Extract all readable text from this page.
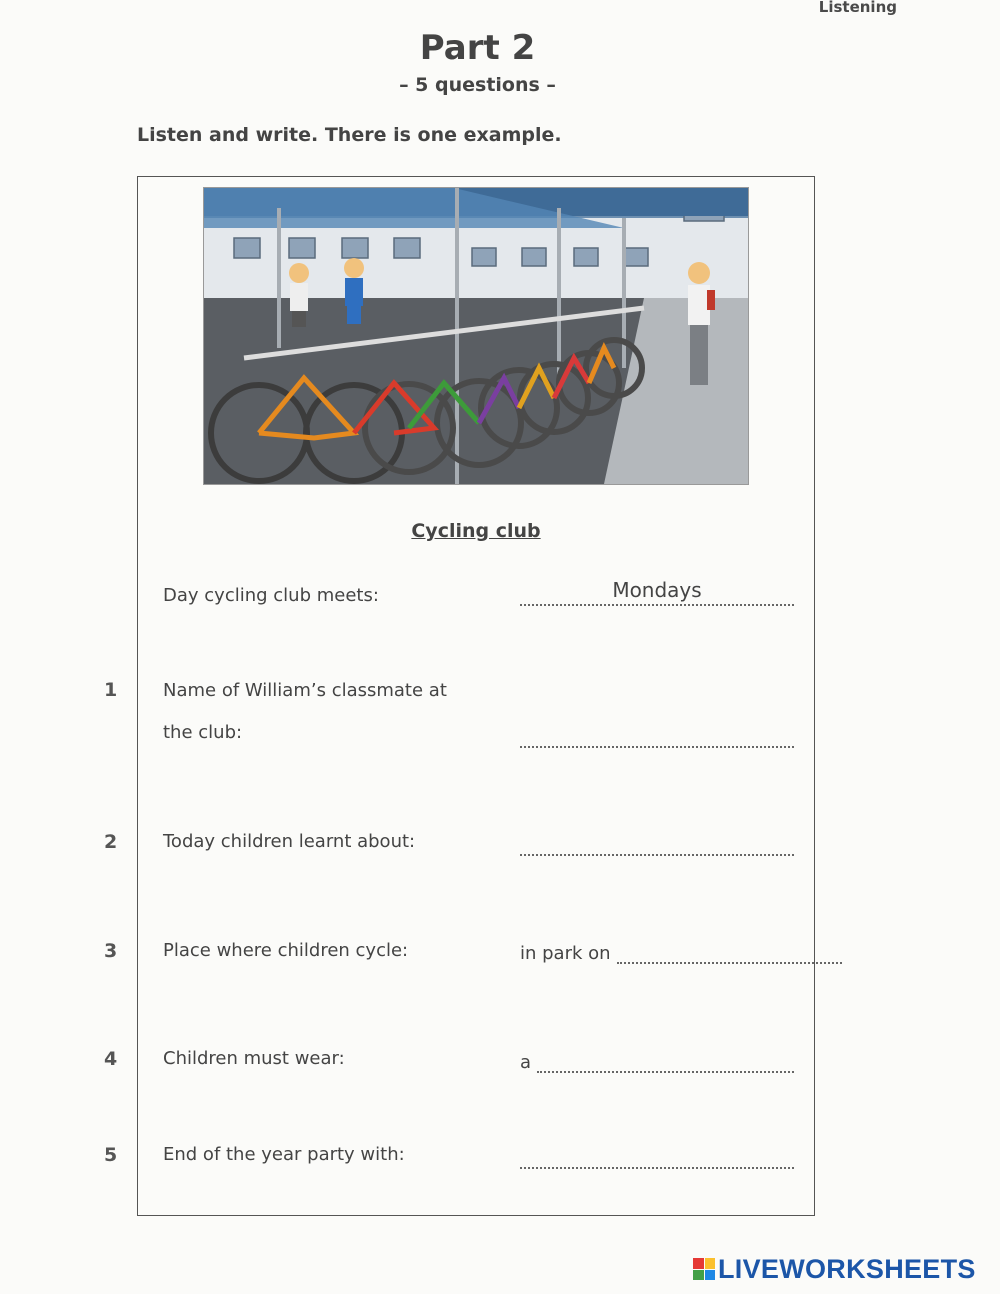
Listening
Part 2
– 5 questions –
Listen and write. There is one example.
Cycling club
Day cycling club meets:	Mondays
1	Name of William’s classmate at
the club:
2	Today children learnt about:
3	Place where children cycle:	in park on
4	Children must wear:	a
5	End of the year party with:
LIVEWORKSHEETS
